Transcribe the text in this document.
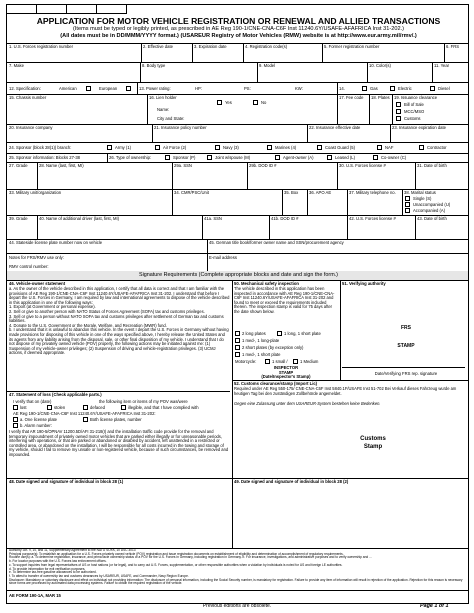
APPLICATION FOR MOTOR VEHICLE REGISTRATION OR RENEWAL AND ALLIED TRANSACTIONS
(Items must be typed or legibly printed, as prescribed in AE Reg 190-1/CNE-CNA-C6F Inst 11240.6Y/USAFE-AFAFRICA Inst 31-202.)
(All dates must be in DD/MMM/YYYY format.) (USAREUR Registry of Motor Vehicles (RMW) website is at http://www.eur.army.mil/rmv/.)
1. U.S. Forces registration number	2. Effective date	3. Expiration date	4. Registration code(s)	5. Former registration number	6. FRS
7. Make	8. Body type	9. Model	10. Color(s)	11. Year
12. Specification:	American	European	13. Power rating:	HP:	PS:	KW:	14.	Gas	Electric	Diesel
15. Chassis number	16. Lien holder
Yes	No
Name:
City and State:
17. Fee code 18. Plates 19. Issuance clearance
Bill of Sale
MCC/MSO
Customs
20. Insurance company	21. Insurance policy number	22. Insurance effective date	23. Insurance expiration date
24. Sponsor (block 28(1)) branch:	Army (1)	Air Force (2)	Navy (3)	Marines (4)	Coast Guard (5)	NAF	Contractor
25. Sponsor information: Blocks 27-38	26. Type of ownership:	Sponsor (P)	Joint w/spouse (M)	Agent-owner (A)	Leased (L)	Co-owner (C)
27. Grade	28. Name (last, first, MI)	29a. SSN	29b. DOD ID #	30. U.S. Forces license #	31. Date of birth
33. Military unit/organization	34. CMR/PSC/Unit	35. Box	36. APO AE	37. Military telephone no.	38. Marital status
Single (S)
Unaccompanied (U)
Accompanied (A)
39. Grade	40. Name of additional driver (last, first, MI)	41a. SSN	41b. DOD ID #	42. U.S. Forces license #	43. Date of birth
44. Stateside license plate number now on vehicle	45. German title book/former owner name and SSN/procurement agency
Notes for FRS/RMV use only:	E-mail address
RMV control number:
Signature Requirements (Complete appropriate blocks and date and sign the form.)
46. Vehicle-owner statement
a. As the owner of the vehicle described in this application, I certify that all data is correct and that I am familiar with the provisions of AE Reg 190-1/CNE-CNA-C6F Inst 11240.6Y/USAFE-AFAFRICA Inst 31-202. I understand that before I depart the U.S. Forces in Germany, I am required by law and international agreements to dispose of the vehicle described in this application in one of the following ways:
1. Export (at Government or personal expense).
2. Sell or give to another person with NATO Status of Forces Agreement (SOFA) tax and customs privileges.
3. Sell or give to a person without NATO SOFA tax and customs privileges after settlement of German tax and customs liabilities.
4. Donate to the U.S. Government or the Morale, Welfare, and Recreation (MWR) fund.
b. I understand that it is unlawful to abandon this vehicle. In the event I depart the U.S. Forces in Germany without having made provisions for disposing of this vehicle in one of the ways specified above, I hereby release the United States and its agents from any liability arising from the disposal, sale, or other final disposition of my vehicle. I understand that I do not dispose of my privately owned vehicle (POV) properly, the following actions may be initiated against me: (1) Suspension of my vehicle-owner privileges; (2) Suspension of driving and vehicle-registration privileges. (3) UCMJ actions, if deemed appropriate.
47. Statement of loss (Check applicable parts.)
I verify that on (date)	the following item or items of my POV was/were
lost	stolen	defaced	illegible, and that I have complied with
AE Reg 190-1/CNE-CNA-C6F Inst 11240.6Y/USAFE-AFAFRICA Inst 31-202:
a. One license plate	Both license plates, number
b. Alarm number:
I verify that AR 190-5/OPNAV 11200.5D/AFI 31-218(I) and the installation traffic code provide for the removal and temporary impoundment of privately owned motor vehicles that are parked either illegally or for unreasonable periods, interfering with operations, or that are parked or abandoned or disabled by accident, left unattended in a restricted or controlled area, or abandoned on the installation, I will be responsible for all costs incurred in the towing and storage of my vehicle, should I fail to remove my unsafe or non-registered vehicle, because of such circumstances, be removed and impounded.
50. Mechanical safety inspection
The vehicle described in this application has been inspected in accordance with AE Reg 190-1/CNE-CNA-C6F Inst 11240.6Y/USAFE-AFAFRICA Inst 31-202 and found to meet or exceed the requirements included therein. The inspection stamp is valid for 75 days after the date shown below.
2 long plates	1 long, 1 short plate
1 med-, 1 long-plate
2 short plates (by exception only)
1 med-, 1 short plate
Motorcycle:	1 small /	1 Medium
INSPECTOR
STAMP
(Date/Inspector's Stamp)
51. Verifying authority
FRS
STAMP
Date/Verifying FRS rep. signature
52. Customs clearance/stamp (Import Lic)
Required under AE Reg 550-175/ CNE-CNA-C6F Inst 5840.1F/USAFE Inst 51-702 Bei Verkauf dieses Fahrzeug wurde am heutigen Tag bei den zuständigen Zollbehörde angemeldet.
Gegen eine Zulassung unter dem USAREUR-System bestehen keine Bedenken.
Customs
Stamp
48. Date signed and signature of individual in block 28 (1)	49. Date signed and signature of individual in block 28 (2)
Authority: Art. 9, 10, and 11, Supplementary Agreement to the NATO SOFA, 10 USC 3013
Principal purpose(s): To establish an application for a U.S. Forces privately owned vehicle (POV) registration and issue registration documents on establishment of eligibility and determination of accomplishment of regulatory requirements.
Routine use(s): a. To determine registration, insurance, and prima facie ownership status of a POV for the U.S. Forces in Germany, including registration in Germany. b. For insurance, investigations, and administrative purposes and to verify ownership and ...
b. For locator purposes with the U.S. Forces law enforcement offices.
c. To support inquiries from legal representatives of US or host nations (or for legal), and to carry out U.S. Forces, supplementation, or other responsible authorities when a violation by individuals is noted for US and foreign LE authorities.
d. To provide information for exit verification purposes.
e. To determine tax-free gasoline allowances to be authorized.
f. To attest to transfer of ownership tax and customs clearances by USAREUR, USAFE, and Commander, Navy Region Europe.
Disclosure: Mandatory or voluntary disclosure and effect on individual not providing information: The disclosure of personal information, including the Social Security number, is mandatory for registration. Failure to provide any item of information will result in rejection of the application. Rejection for this reason is necessary since forms are processed by automated data processing systems. Failure to obtain the required registration of the vehicle.
AE FORM 190-1A, MAR 15
Previous editions are obsolete.	Page 1 of 1
